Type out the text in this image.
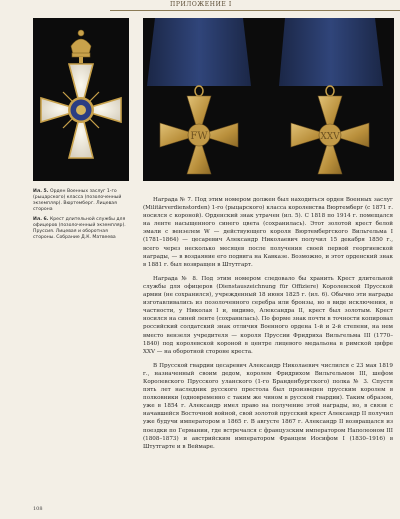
ПРИЛОЖЕНИЕ I
FW	XXV

Ил. 5. Орден Военных заслуг 1-го (рыцарского) класса (позолоченный экземпляр). Вюртемберг. Лицевая сторона

Ил. 6. Крест длительной службы для офицеров (позолоченный экземпляр). Пруссия. Лицевая и оборотная стороны. Собрание Д.К. Матвеева

Награда № 7. Под этим номером должен был находиться орден Военных заслуг (Militärverdienstorden) 1-го (рыцарского) класса королевства Вюртемберг (с 1871 г. носился с короной). Орденский знак утрачен (ил. 5). С 1818 по 1914 г. помещался на ленте насыщенного синего цвета (сохранилась). Этот золотой крест белой эмали с вензелем W — действующего короля Вюртембергского Вильгельма I (1781–1864) — цесаревич Александр Николаевич получил 15 декабря 1850 г., всего через несколько месяцев после получения своей первой георгиевской награды, — в воздаяние его подвига на Кавказе. Возможно, и этот орденский знак в 1881 г. был возвращен в Штутгарт.

Награда № 8. Под этим номером следовало бы хранить Крест длительной службы для офицеров (Dienstauszeichnung für Offiziere) Королевской Прусской армии (не сохранился), учрежденный 18 июня 1825 г. (ил. 6). Обычно эти награды изготавливались из позолоченного серебра или бронзы, но в виде исключения, в частности, у Николая I и, видимо, Александра II, крест был золотым. Крест носился на синей ленте (сохранилась). По форме знак почти в точности копировал российский солдатский знак отличия Военного ордена 1-й и 2-й степени, на нем вместо вензеля учредителя — короля Пруссии Фридриха Вильгельма III (1770–1840) под королевской короной в центре лицевого медальона в римской цифре XXV — на оборотной стороне креста.

В Прусской гвардии цесаревич Александр Николаевич числился с 23 мая 1819 г., назначенный своим дедом, королем Фридрихом Вильгельмом III, шефом Королевского Прусского уланского (1-го Бранденбургского) полка № 3. Спустя пять лет наследник русского престола был произведен прусским королем в полковники (одновременно с таким же чином в русской гвардии). Таким образом, уже в 1854 г. Александр имел право на получение этой награды, но, в связи с начавшейся Восточной войной, свой золотой прусский крест Александр II получил уже будучи императором в 1865 г. В августе 1867 г. Александр II возвращался из поездки по Германии, где встречался с французским императором Наполеоном III (1808–1873) и австрийским императором Францем Иосифом I (1830–1916) в Штутгарте и в Веймаре.

108
